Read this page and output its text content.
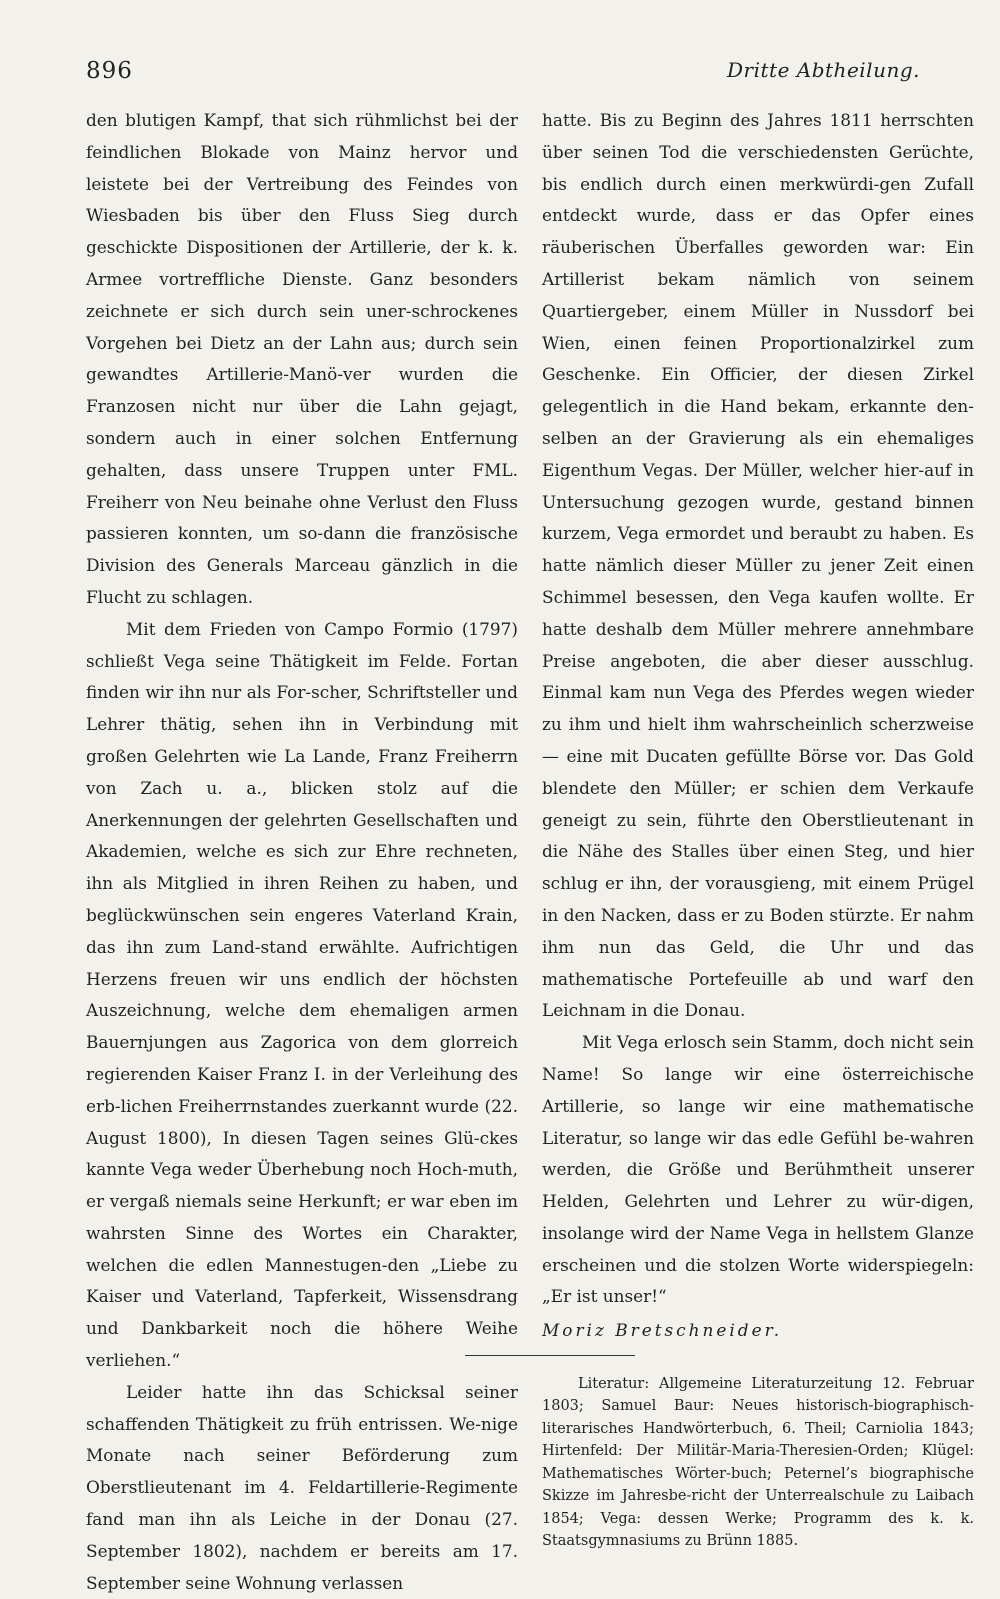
896	Dritte Abtheilung.

den blutigen Kampf, that sich rühmlichst bei der feindlichen Blokade von Mainz hervor und leistete bei der Vertreibung des Feindes von Wiesbaden bis über den Fluss Sieg durch geschickte Dispositionen der Artillerie, der k. k. Armee vortreffliche Dienste. Ganz besonders zeichnete er sich durch sein uner-schrockenes Vorgehen bei Dietz an der Lahn aus; durch sein gewandtes Artillerie-Manö-ver wurden die Franzosen nicht nur über die Lahn gejagt, sondern auch in einer solchen Entfernung gehalten, dass unsere Truppen unter FML. Freiherr von Neu beinahe ohne Verlust den Fluss passieren konnten, um so-dann die französische Division des Generals Marceau gänzlich in die Flucht zu schlagen.

Mit dem Frieden von Campo Formio (1797) schließt Vega seine Thätigkeit im Felde. Fortan finden wir ihn nur als For-scher, Schriftsteller und Lehrer thätig, sehen ihn in Verbindung mit großen Gelehrten wie La Lande, Franz Freiherrn von Zach u. a., blicken stolz auf die Anerkennungen der gelehrten Gesellschaften und Akademien, welche es sich zur Ehre rechneten, ihn als Mitglied in ihren Reihen zu haben, und beglückwünschen sein engeres Vaterland Krain, das ihn zum Land-stand erwählte. Aufrichtigen Herzens freuen wir uns endlich der höchsten Auszeichnung, welche dem ehemaligen armen Bauernjungen aus Zagorica von dem glorreich regierenden Kaiser Franz I. in der Verleihung des erb-lichen Freiherrnstandes zuerkannt wurde (22. August 1800), In diesen Tagen seines Glü-ckes kannte Vega weder Überhebung noch Hoch-muth, er vergaß niemals seine Herkunft; er war eben im wahrsten Sinne des Wortes ein Charakter, welchen die edlen Mannestugen-den „Liebe zu Kaiser und Vaterland, Tapferkeit, Wissensdrang und Dankbarkeit noch die höhere Weihe verliehen.“

Leider hatte ihn das Schicksal seiner schaffenden Thätigkeit zu früh entrissen. We-nige Monate nach seiner Beförderung zum Oberstlieutenant im 4. Feldartillerie-Regimente fand man ihn als Leiche in der Donau (27. September 1802), nachdem er bereits am 17. September seine Wohnung verlassen

hatte. Bis zu Beginn des Jahres 1811 herrschten über seinen Tod die verschiedensten Gerüchte, bis endlich durch einen merkwürdi-gen Zufall entdeckt wurde, dass er das Opfer eines räuberischen Überfalles geworden war: Ein Artillerist bekam nämlich von seinem Quartiergeber, einem Müller in Nussdorf bei Wien, einen feinen Proportionalzirkel zum Geschenke. Ein Officier, der diesen Zirkel gelegentlich in die Hand bekam, erkannte den-selben an der Gravierung als ein ehemaliges Eigenthum Vegas. Der Müller, welcher hier-auf in Untersuchung gezogen wurde, gestand binnen kurzem, Vega ermordet und beraubt zu haben. Es hatte nämlich dieser Müller zu jener Zeit einen Schimmel besessen, den Vega kaufen wollte. Er hatte deshalb dem Müller mehrere annehmbare Preise angeboten, die aber dieser ausschlug. Einmal kam nun Vega des Pferdes wegen wieder zu ihm und hielt ihm wahrscheinlich scherzweise — eine mit Ducaten gefüllte Börse vor. Das Gold blendete den Müller; er schien dem Verkaufe geneigt zu sein, führte den Oberstlieutenant in die Nähe des Stalles über einen Steg, und hier schlug er ihn, der vorausgieng, mit einem Prügel in den Nacken, dass er zu Boden stürzte. Er nahm ihm nun das Geld, die Uhr und das mathematische Portefeuille ab und warf den Leichnam in die Donau.

Mit Vega erlosch sein Stamm, doch nicht sein Name! So lange wir eine österreichische Artillerie, so lange wir eine mathematische Literatur, so lange wir das edle Gefühl be-wahren werden, die Größe und Berühmtheit unserer Helden, Gelehrten und Lehrer zu wür-digen, insolange wird der Name Vega in hellstem Glanze erscheinen und die stolzen Worte widerspiegeln: „Er ist unser!“

Moriz Bretschneider.

Literatur: Allgemeine Literaturzeitung 12. Februar 1803; Samuel Baur: Neues historisch-biographisch-literarisches Handwörterbuch, 6. Theil; Carniolia 1843; Hirtenfeld: Der Militär-Maria-Theresien-Orden; Klügel: Mathematisches Wörter-buch; Peternel’s biographische Skizze im Jahresbe-richt der Unterrealschule zu Laibach 1854; Vega: dessen Werke; Programm des k. k. Staatsgymnasiums zu Brünn 1885.
